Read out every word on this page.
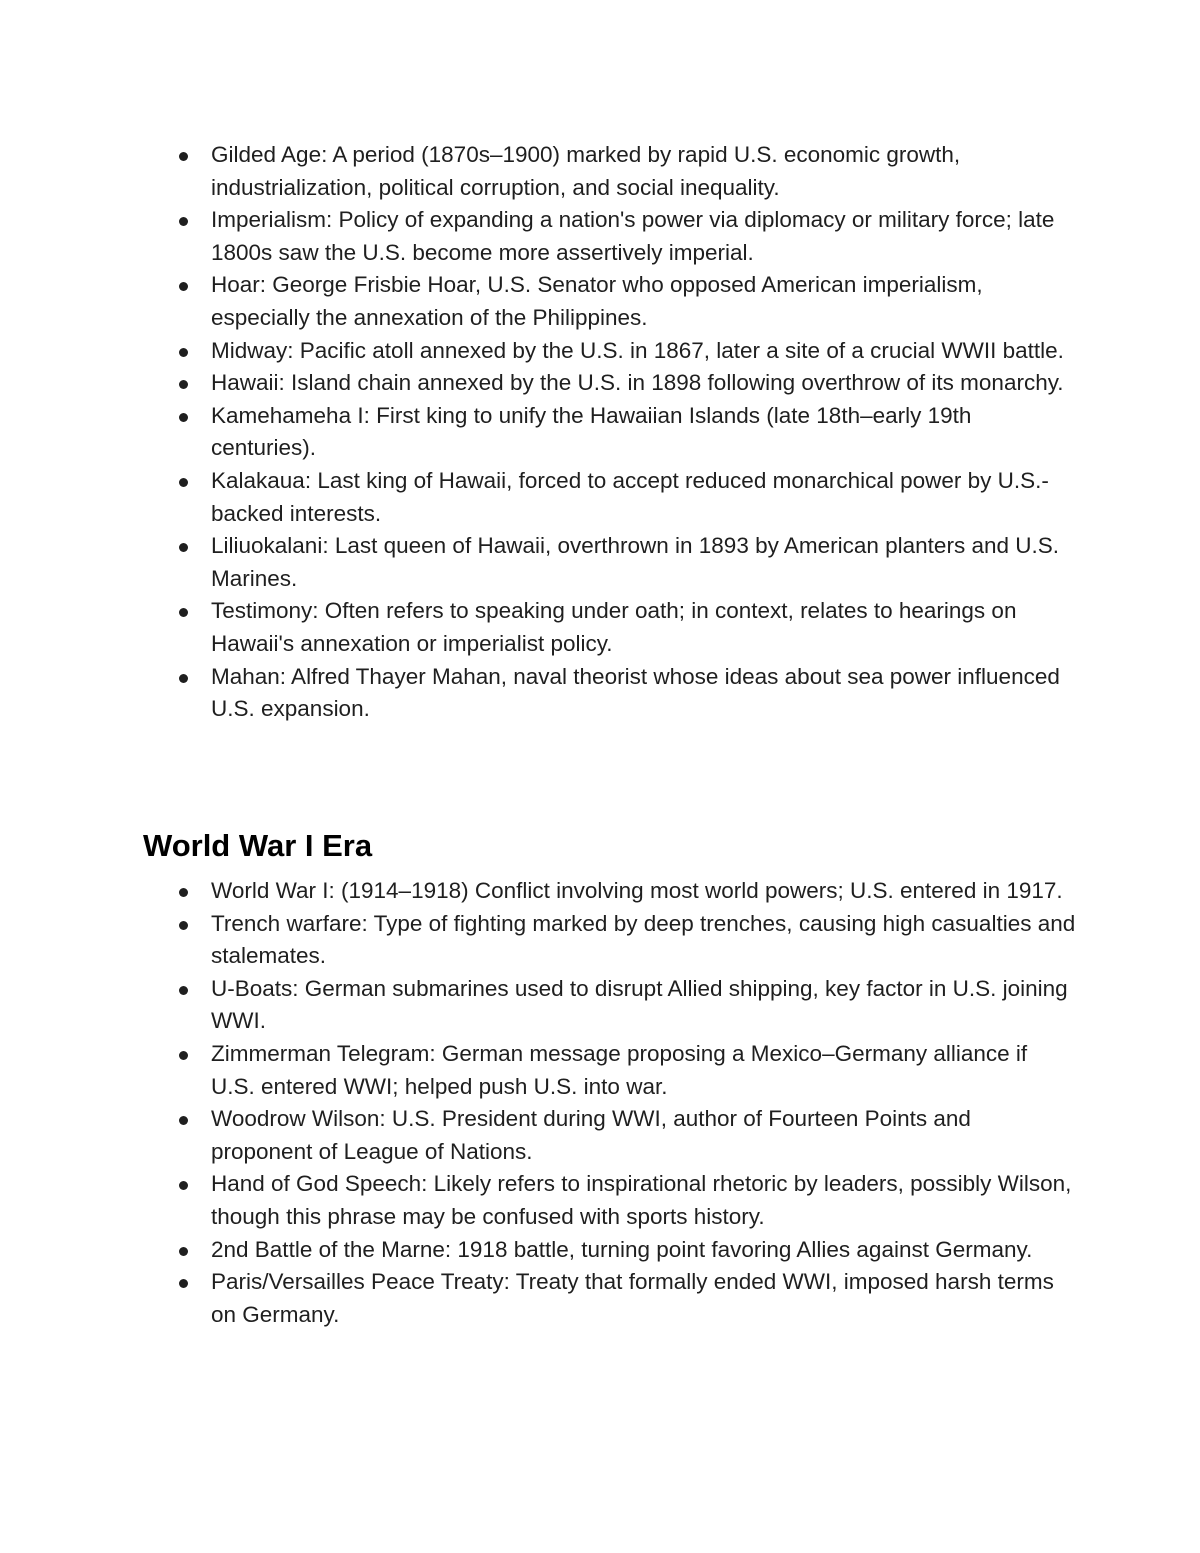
Gilded Age: A period (1870s–1900) marked by rapid U.S. economic growth, industrialization, political corruption, and social inequality.
Imperialism: Policy of expanding a nation's power via diplomacy or military force; late 1800s saw the U.S. become more assertively imperial.
Hoar: George Frisbie Hoar, U.S. Senator who opposed American imperialism, especially the annexation of the Philippines.
Midway: Pacific atoll annexed by the U.S. in 1867, later a site of a crucial WWII battle.
Hawaii: Island chain annexed by the U.S. in 1898 following overthrow of its monarchy.
Kamehameha I: First king to unify the Hawaiian Islands (late 18th–early 19th centuries).
Kalakaua: Last king of Hawaii, forced to accept reduced monarchical power by U.S.-backed interests.
Liliuokalani: Last queen of Hawaii, overthrown in 1893 by American planters and U.S. Marines.
Testimony: Often refers to speaking under oath; in context, relates to hearings on Hawaii's annexation or imperialist policy.
Mahan: Alfred Thayer Mahan, naval theorist whose ideas about sea power influenced U.S. expansion.
World War I Era
World War I: (1914–1918) Conflict involving most world powers; U.S. entered in 1917.
Trench warfare: Type of fighting marked by deep trenches, causing high casualties and stalemates.
U-Boats: German submarines used to disrupt Allied shipping, key factor in U.S. joining WWI.
Zimmerman Telegram: German message proposing a Mexico–Germany alliance if U.S. entered WWI; helped push U.S. into war.
Woodrow Wilson: U.S. President during WWI, author of Fourteen Points and proponent of League of Nations.
Hand of God Speech: Likely refers to inspirational rhetoric by leaders, possibly Wilson, though this phrase may be confused with sports history.
2nd Battle of the Marne: 1918 battle, turning point favoring Allies against Germany.
Paris/Versailles Peace Treaty: Treaty that formally ended WWI, imposed harsh terms on Germany.
